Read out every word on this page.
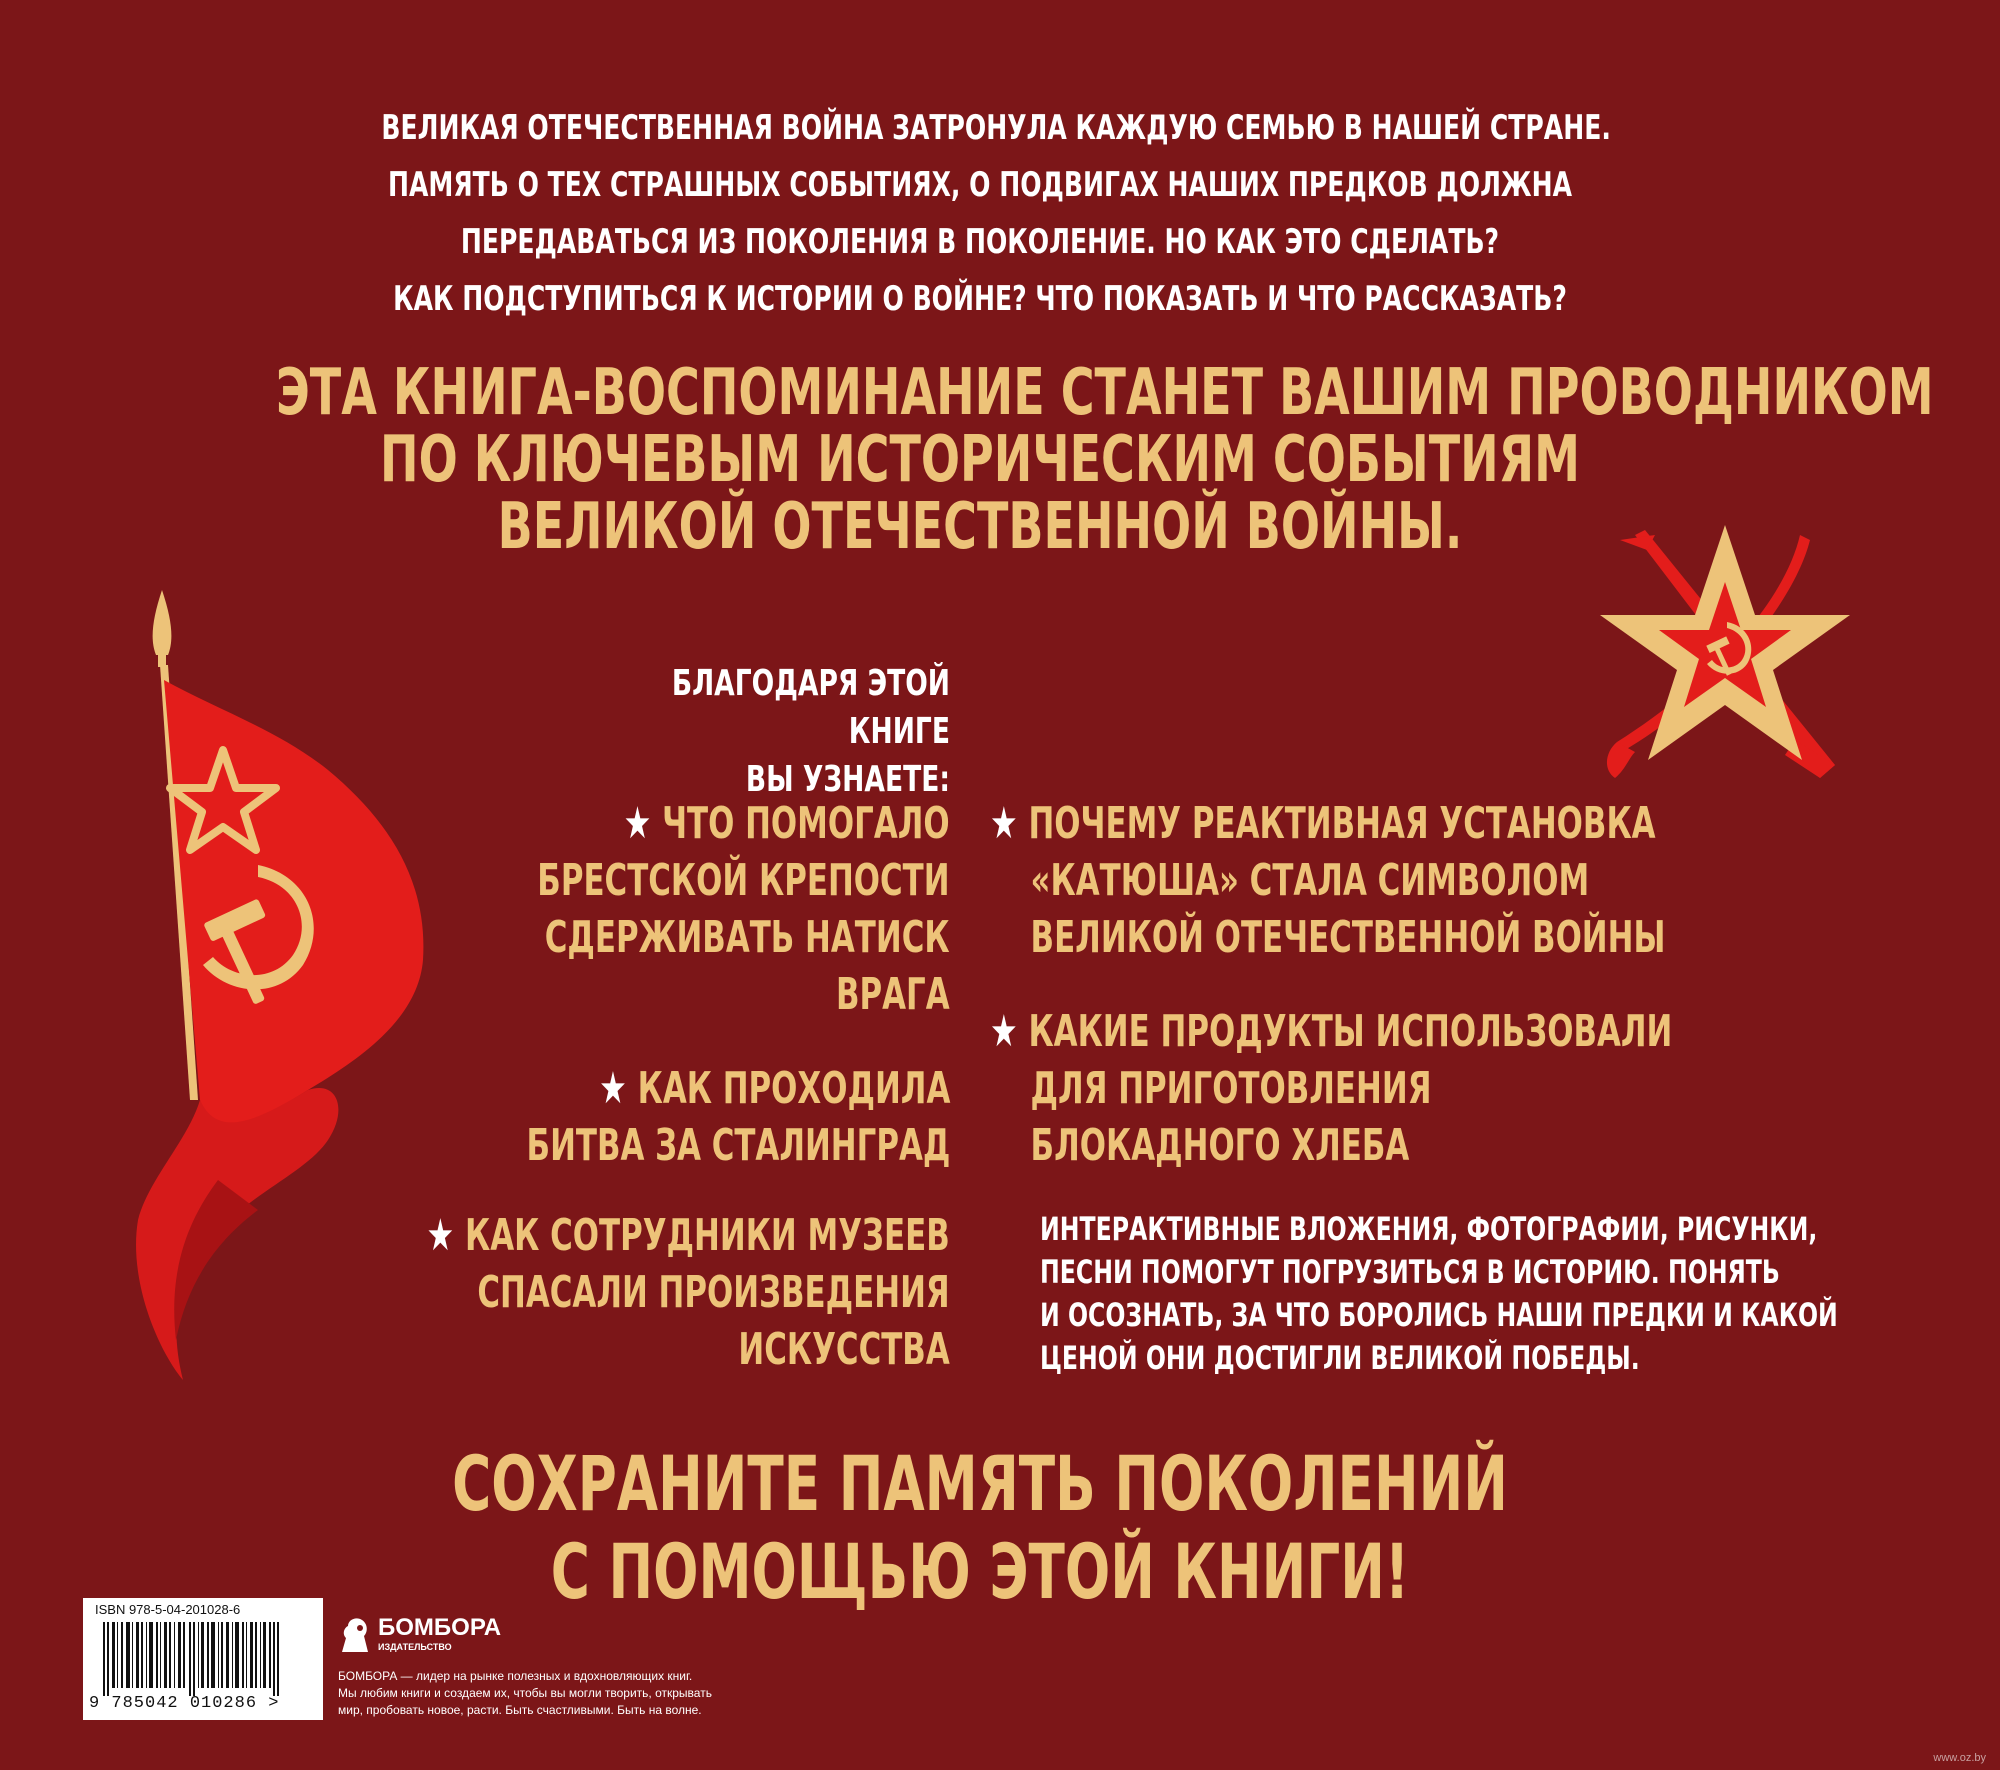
ВЕЛИКАЯ ОТЕЧЕСТВЕННАЯ ВОЙНА ЗАТРОНУЛА КАЖДУЮ СЕМЬЮ В НАШЕЙ СТРАНЕ.
ПАМЯТЬ О ТЕХ СТРАШНЫХ СОБЫТИЯХ, О ПОДВИГАХ НАШИХ ПРЕДКОВ ДОЛЖНА
ПЕРЕДАВАТЬСЯ ИЗ ПОКОЛЕНИЯ В ПОКОЛЕНИЕ. НО КАК ЭТО СДЕЛАТЬ?
КАК ПОДСТУПИТЬСЯ К ИСТОРИИ О ВОЙНЕ? ЧТО ПОКАЗАТЬ И ЧТО РАССКАЗАТЬ?
ЭТА КНИГА-ВОСПОМИНАНИЕ СТАНЕТ ВАШИМ ПРОВОДНИКОМ
ПО КЛЮЧЕВЫМ ИСТОРИЧЕСКИМ СОБЫТИЯМ
ВЕЛИКОЙ ОТЕЧЕСТВЕННОЙ ВОЙНЫ.
БЛАГОДАРЯ ЭТОЙ КНИГЕ
ВЫ УЗНАЕТЕ:
★ ЧТО ПОМОГАЛО
БРЕСТСКОЙ КРЕПОСТИ
СДЕРЖИВАТЬ НАТИСК
ВРАГА
★ КАК ПРОХОДИЛА
БИТВА ЗА СТАЛИНГРАД
★ КАК СОТРУДНИКИ МУЗЕЕВ
СПАСАЛИ ПРОИЗВЕДЕНИЯ
ИСКУССТВА
★ ПОЧЕМУ РЕАКТИВНАЯ УСТАНОВКА
«КАТЮША» СТАЛА СИМВОЛОМ
ВЕЛИКОЙ ОТЕЧЕСТВЕННОЙ ВОЙНЫ
★ КАКИЕ ПРОДУКТЫ ИСПОЛЬЗОВАЛИ
ДЛЯ ПРИГОТОВЛЕНИЯ
БЛОКАДНОГО ХЛЕБА
ИНТЕРАКТИВНЫЕ ВЛОЖЕНИЯ, ФОТОГРАФИИ, РИСУНКИ,
ПЕСНИ ПОМОГУТ ПОГРУЗИТЬСЯ В ИСТОРИЮ. ПОНЯТЬ
И ОСОЗНАТЬ, ЗА ЧТО БОРОЛИСЬ НАШИ ПРЕДКИ И КАКОЙ
ЦЕНОЙ ОНИ ДОСТИГЛИ ВЕЛИКОЙ ПОБЕДЫ.
СОХРАНИТЕ ПАМЯТЬ ПОКОЛЕНИЙ
С ПОМОЩЬЮ ЭТОЙ КНИГИ!
ISBN 978-5-04-201028-6
9 785042 010286 >
БОМБОРА
ИЗДАТЕЛЬСТВО
БОМБОРА — лидер на рынке полезных и вдохновляющих книг.
Мы любим книги и создаем их, чтобы вы могли творить, открывать
мир, пробовать новое, расти. Быть счастливыми. Быть на волне.
www.oz.by
